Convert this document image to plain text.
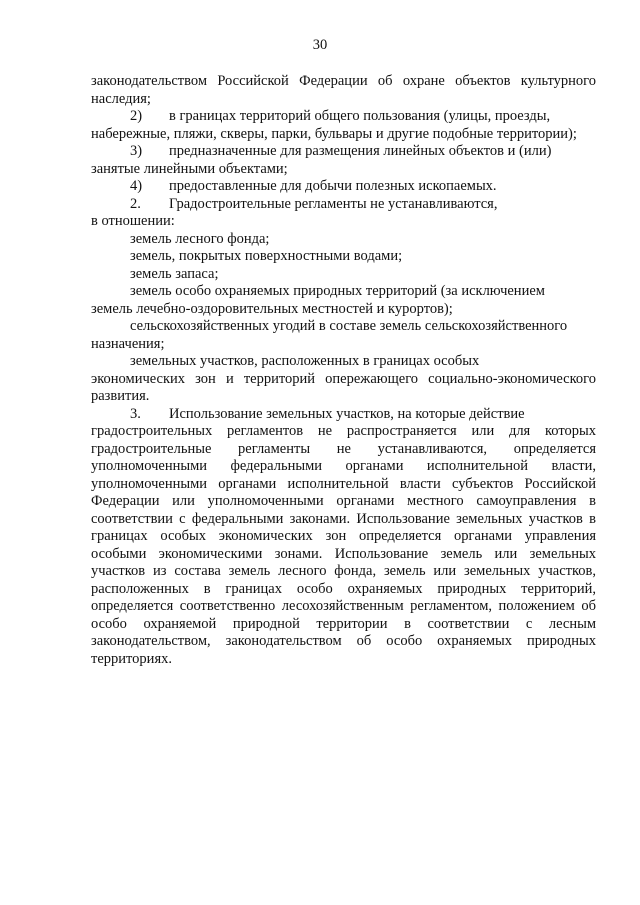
30

законодательством Российской Федерации об охране объектов культурного наследия;

2)	в границах территорий общего пользования (улицы, проезды,

набережные, пляжи, скверы, парки, бульвары и другие подобные территории);

3)	предназначенные для размещения линейных объектов и (или)

занятые линейными объектами;

4)	предоставленные для добычи полезных ископаемых.

2.	Градостроительные регламенты не устанавливаются,

в отношении:

земель лесного фонда;

земель, покрытых поверхностными водами;

земель запаса;

земель особо охраняемых природных территорий (за исключением

земель лечебно-оздоровительных местностей и курортов);

сельскохозяйственных угодий в составе земель сельскохозяйственного

назначения;

земельных участков, расположенных в границах особых

экономических зон и территорий опережающего социально-экономического развития.

3.	Использование земельных участков, на которые действие

градостроительных регламентов не распространяется или для которых градостроительные регламенты не устанавливаются, определяется уполномоченными федеральными органами исполнительной власти, уполномоченными органами исполнительной власти субъектов Российской Федерации или уполномоченными органами местного самоуправления в соответствии с федеральными законами. Использование земельных участков в границах особых экономических зон определяется органами управления особыми экономическими зонами. Использование земель или земельных участков из состава земель лесного фонда, земель или земельных участков, расположенных в границах особо охраняемых природных территорий, определяется соответственно лесохозяйственным регламентом, положением об особо охраняемой природной территории в соответствии с лесным законодательством, законодательством об особо охраняемых природных территориях.
